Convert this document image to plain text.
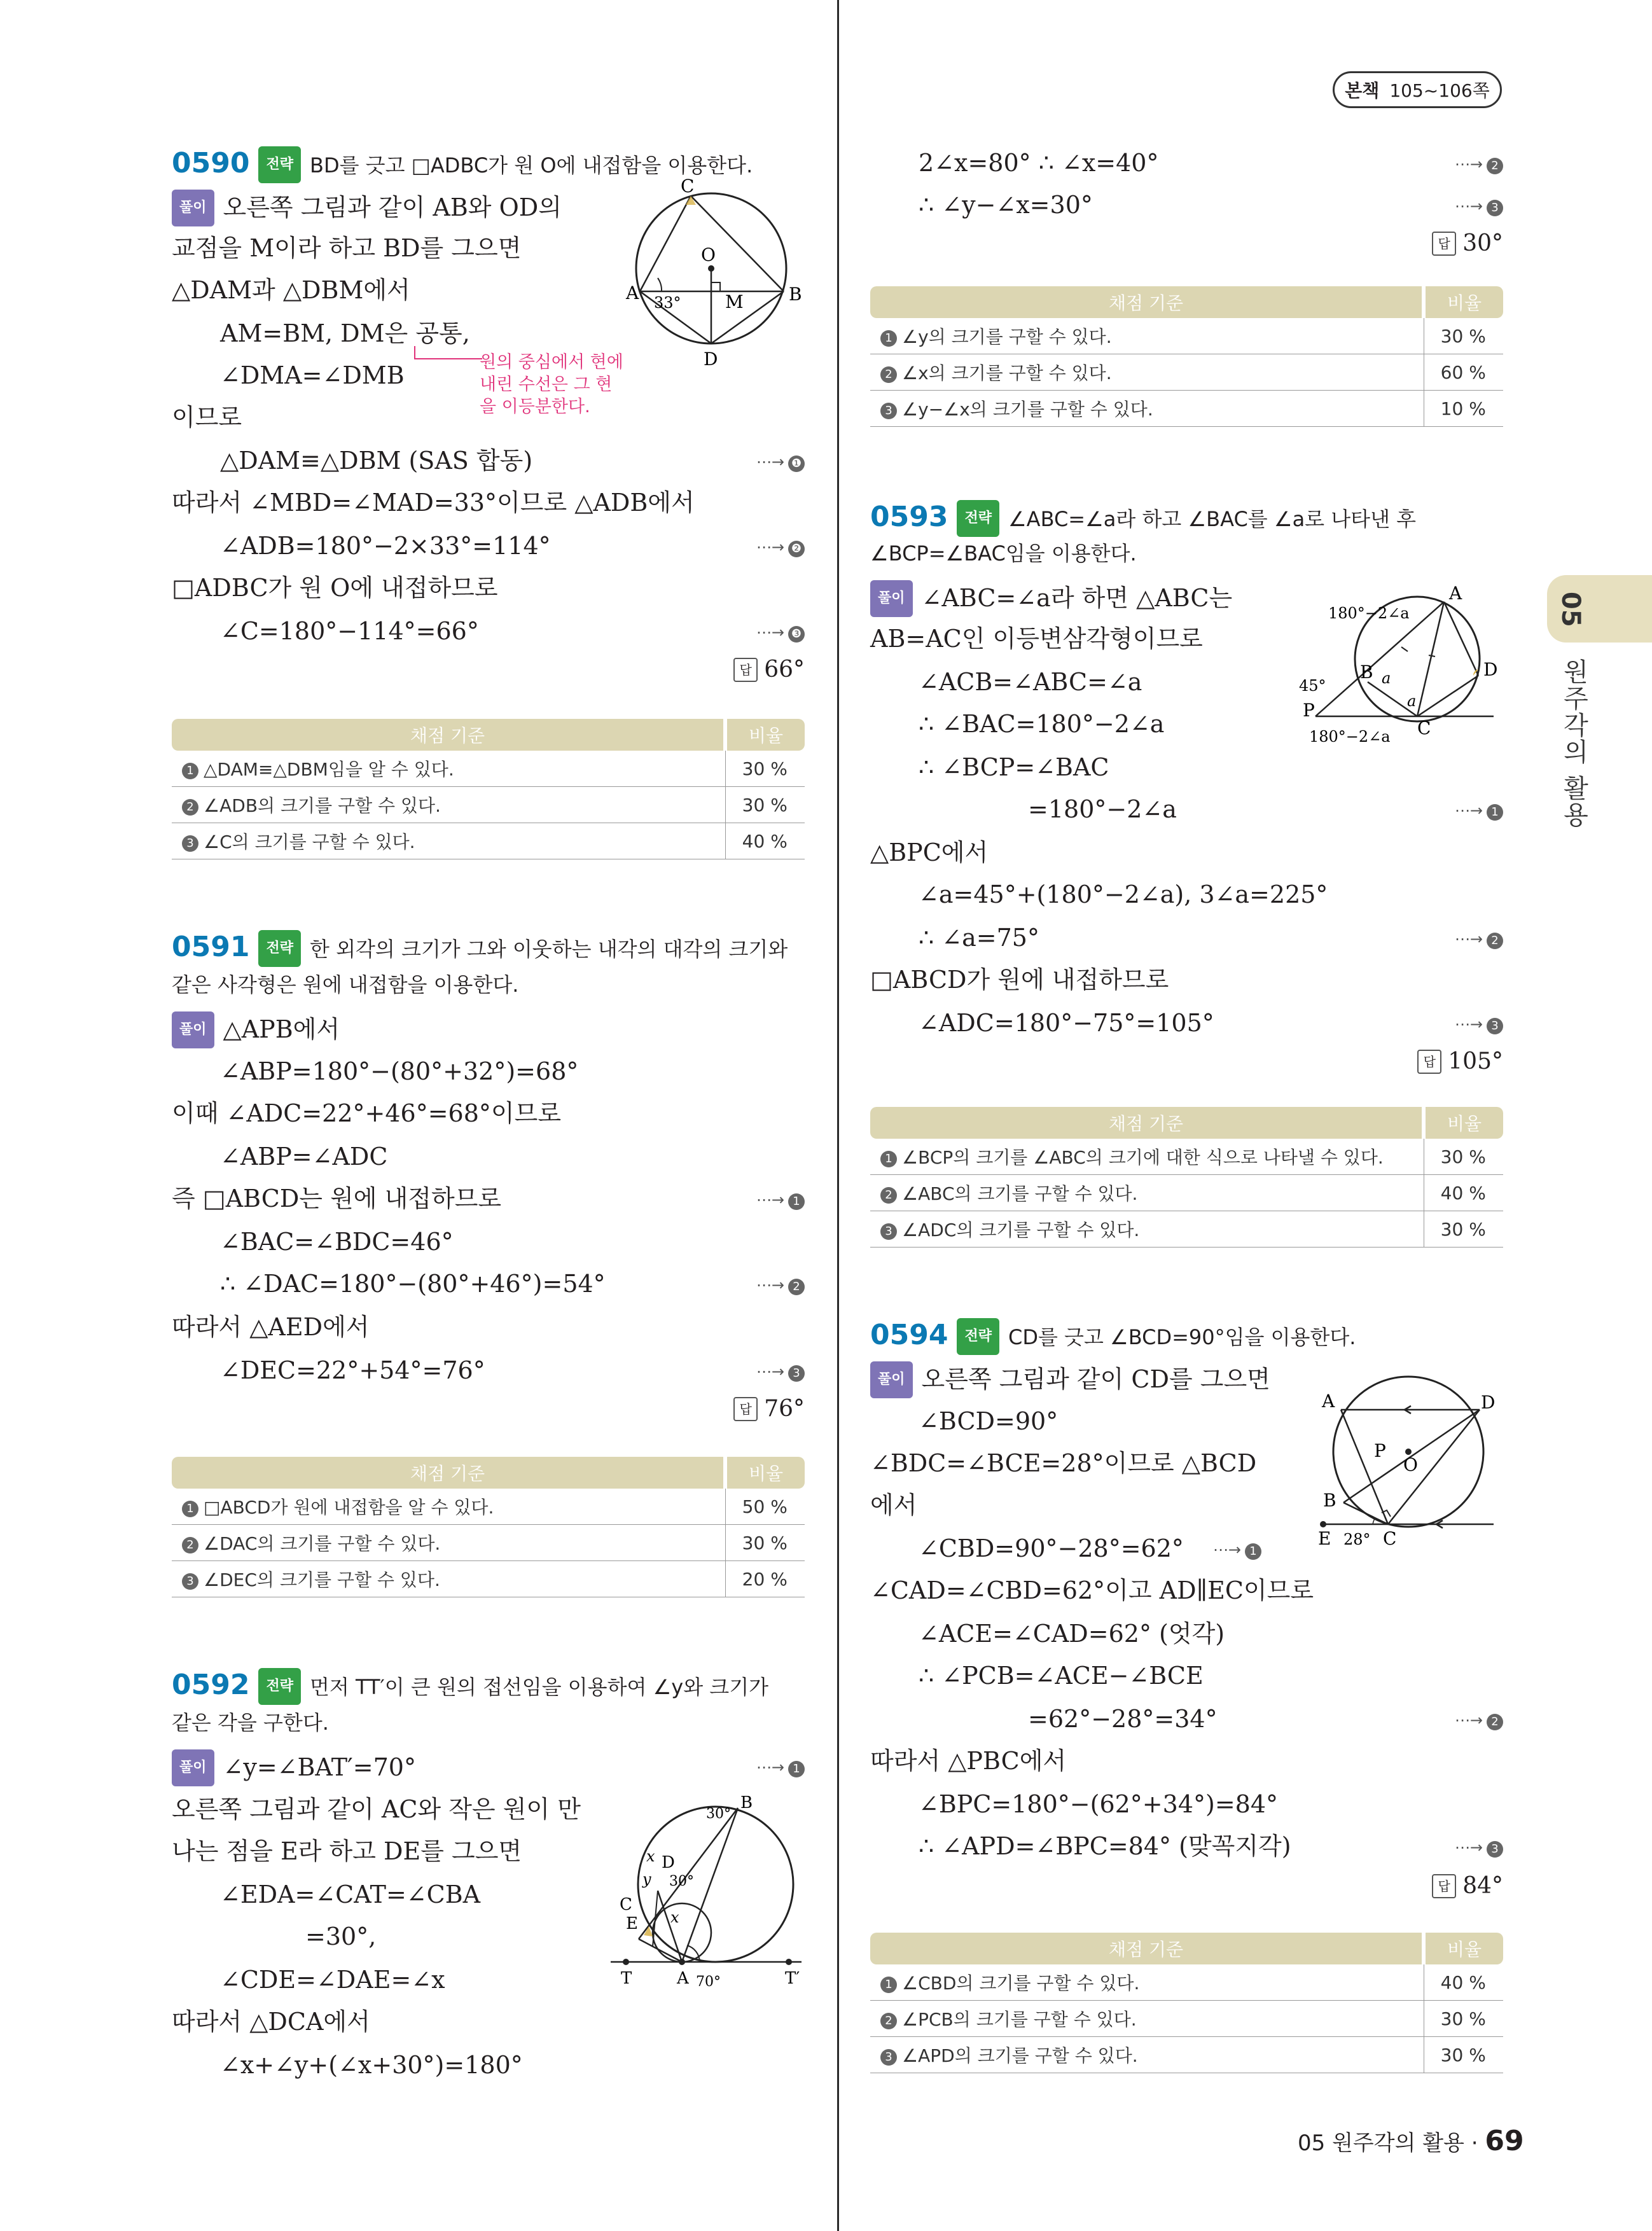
본책 105~106쪽
05
원주각의 활용
0590 전략 BD를 긋고 □ADBC가 원 O에 내접함을 이용한다.
풀이 오른쪽 그림과 같이 AB와 OD의
교점을 M이라 하고 BD를 그으면
△DAM과 △DBM에서
AM=BM, DM은 공통,
∠DMA=∠DMB
이므로
△DAM≡△DBM (SAS 합동)	⋯→ ❶
따라서 ∠MBD=∠MAD=33°이므로 △ADB에서
∠ADB=180°−2×33°=114°	⋯→ ❷
□ADBC가 원 O에 내접하므로
∠C=180°−114°=66°	⋯→ ❸
답 66°
원의 중심에서 현에
내린 수선은 그 현
을 이등분한다.
C
O
A	B
M
D
33°
채점 기준	비율
1 △DAM≡△DBM임을 알 수 있다.	30 %
2 ∠ADB의 크기를 구할 수 있다.	30 %
3 ∠C의 크기를 구할 수 있다.	40 %
0591 전략 한 외각의 크기가 그와 이웃하는 내각의 대각의 크기와
같은 사각형은 원에 내접함을 이용한다.
풀이 △APB에서
∠ABP=180°−(80°+32°)=68°
이때 ∠ADC=22°+46°=68°이므로
∠ABP=∠ADC
즉 □ABCD는 원에 내접하므로	⋯→ 1
∠BAC=∠BDC=46°
∴ ∠DAC=180°−(80°+46°)=54°	⋯→ 2
따라서 △AED에서
∠DEC=22°+54°=76°	⋯→ 3
답 76°
채점 기준	비율
1 □ABCD가 원에 내접함을 알 수 있다.	50 %
2 ∠DAC의 크기를 구할 수 있다.	30 %
3 ∠DEC의 크기를 구할 수 있다.	20 %
0592 전략 먼저 TT′이 큰 원의 접선임을 이용하여 ∠y와 크기가
같은 각을 구한다.
풀이 ∠y=∠BAT′=70°	⋯→ 1
오른쪽 그림과 같이 AC와 작은 원이 만
나는 점을 E라 하고 DE를 그으면
∠EDA=∠CAT=∠CBA
=30°,
∠CDE=∠DAE=∠x
따라서 △DCA에서
∠x+∠y+(∠x+30°)=180°
B
30°
x D
y 30°
C
E x
T	A 70°	T′
2∠x=80° ∴ ∠x=40°	⋯→ 2
∴ ∠y−∠x=30°	⋯→ 3
답 30°
채점 기준	비율
1 ∠y의 크기를 구할 수 있다.	30 %
2 ∠x의 크기를 구할 수 있다.	60 %
3 ∠y−∠x의 크기를 구할 수 있다.	10 %
0593 전략 ∠ABC=∠a라 하고 ∠BAC를 ∠a로 나타낸 후
∠BCP=∠BAC임을 이용한다.
풀이 ∠ABC=∠a라 하면 △ABC는
AB=AC인 이등변삼각형이므로
∠ACB=∠ABC=∠a
∴ ∠BAC=180°−2∠a
∴ ∠BCP=∠BAC
=180°−2∠a	⋯→ 1
△BPC에서
∠a=45°+(180°−2∠a), 3∠a=225°
∴ ∠a=75°	⋯→ 2
□ABCD가 원에 내접하므로
∠ADC=180°−75°=105°	⋯→ 3
답 105°
180°−2∠a
A
D
B a
a
45°
P
C
180°−2∠a
채점 기준	비율
1 ∠BCP의 크기를 ∠ABC의 크기에 대한 식으로 나타낼 수 있다.	30 %
2 ∠ABC의 크기를 구할 수 있다.	40 %
3 ∠ADC의 크기를 구할 수 있다.	30 %
0594 전략 CD를 긋고 ∠BCD=90°임을 이용한다.
풀이 오른쪽 그림과 같이 CD를 그으면
∠BCD=90°
∠BDC=∠BCE=28°이므로 △BCD
에서
∠CBD=90°−28°=62° ⋯→ 1
∠CAD=∠CBD=62°이고 AD∥EC이므로
∠ACE=∠CAD=62° (엇각)
∴ ∠PCB=∠ACE−∠BCE
=62°−28°=34°	⋯→ 2
따라서 △PBC에서
∠BPC=180°−(62°+34°)=84°
∴ ∠APD=∠BPC=84° (맞꼭지각)	⋯→ 3
답 84°
A	D
P
O
B
E 28° C
채점 기준	비율
1 ∠CBD의 크기를 구할 수 있다.	40 %
2 ∠PCB의 크기를 구할 수 있다.	30 %
3 ∠APD의 크기를 구할 수 있다.	30 %
05 원주각의 활용 · 69
